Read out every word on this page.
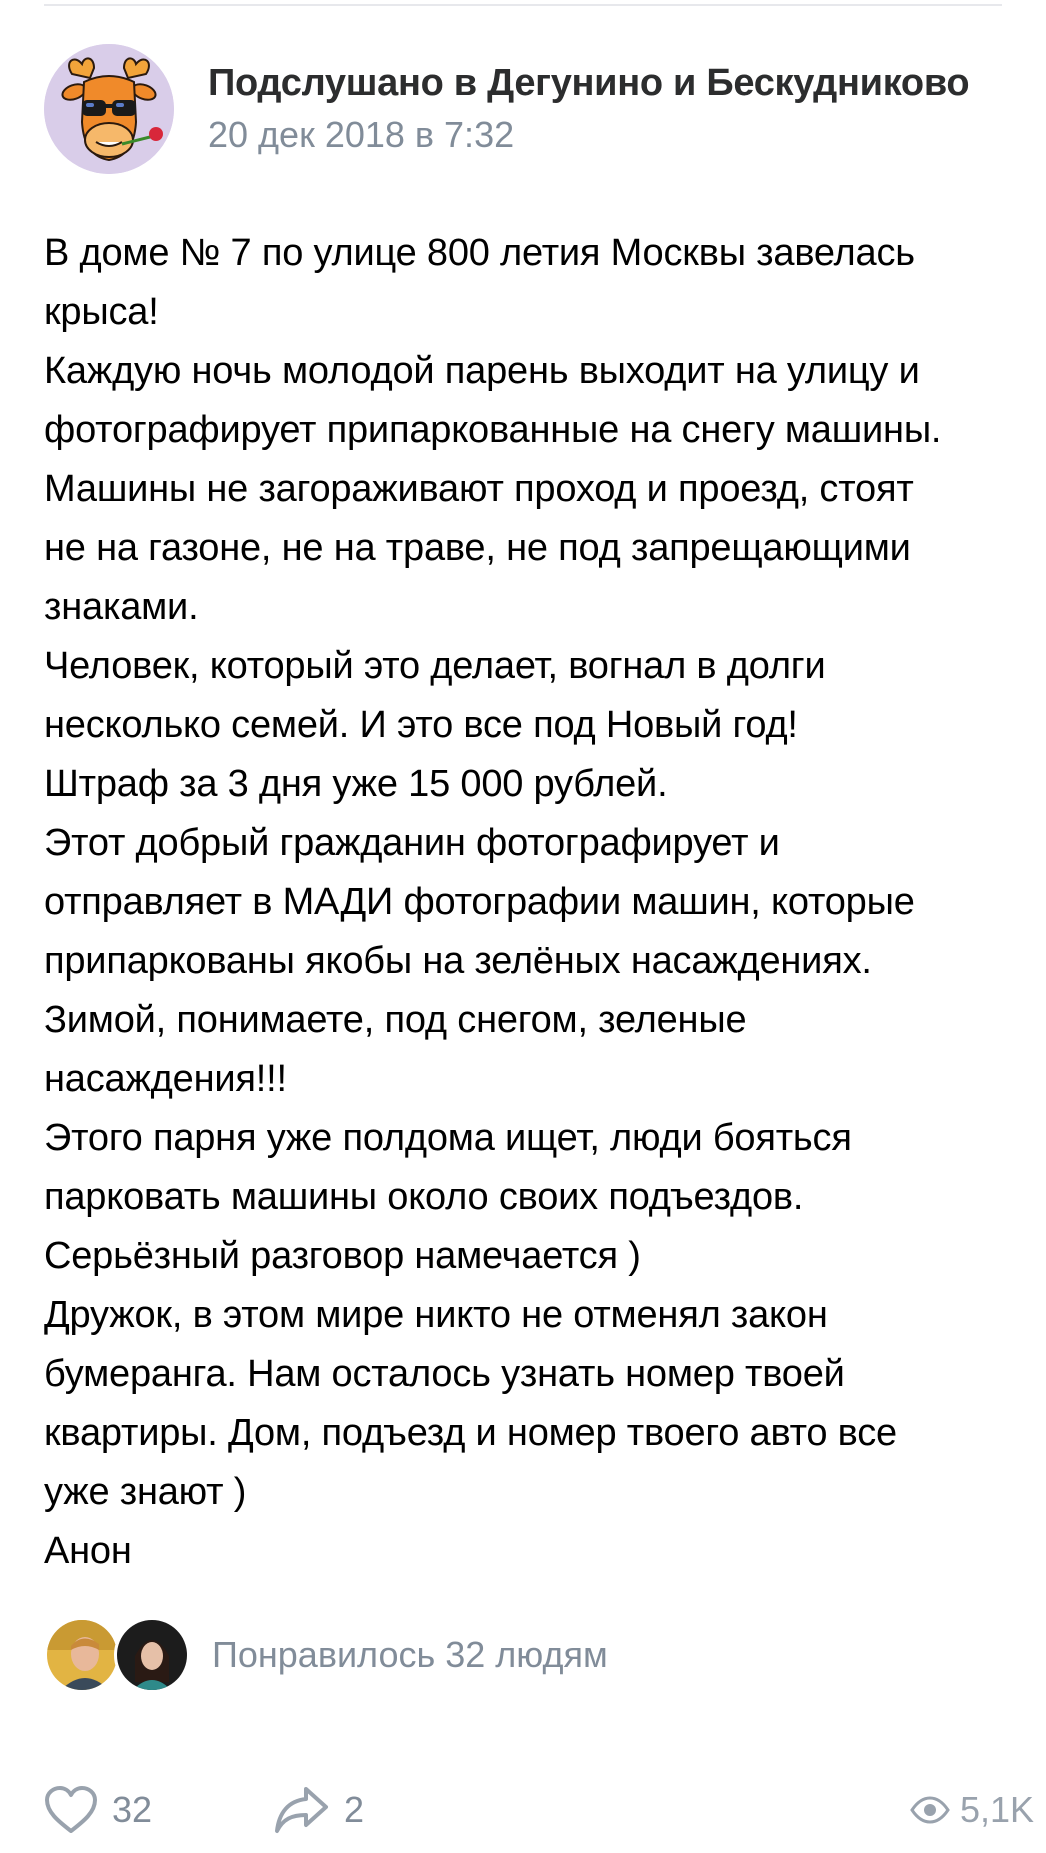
Подслушано в Дегунино и Бескудниково
20 дек 2018 в 7:32
В доме № 7 по улице 800 летия Москвы завелась
крыса!
Каждую ночь молодой парень выходит на улицу и
фотографирует припаркованные на снегу машины.
Машины не загораживают проход и проезд, стоят
не на газоне, не на траве, не под запрещающими
знаками.
Человек, который это делает, вогнал в долги
несколько семей. И это все под Новый год!
Штраф за 3 дня уже 15 000 рублей.
Этот добрый гражданин фотографирует и
отправляет в МАДИ фотографии машин, которые
припаркованы якобы на зелёных насаждениях.
Зимой, понимаете, под снегом, зеленые
насаждения!!!
Этого парня уже полдома ищет, люди бояться
парковать машины около своих подъездов.
Серьёзный разговор намечается )
Дружок, в этом мире никто не отменял закон
бумеранга. Нам осталось узнать номер твоей
квартиры. Дом, подъезд и номер твоего авто все
уже знают )
Анон
Понравилось 32 людям
32	2	5,1K
